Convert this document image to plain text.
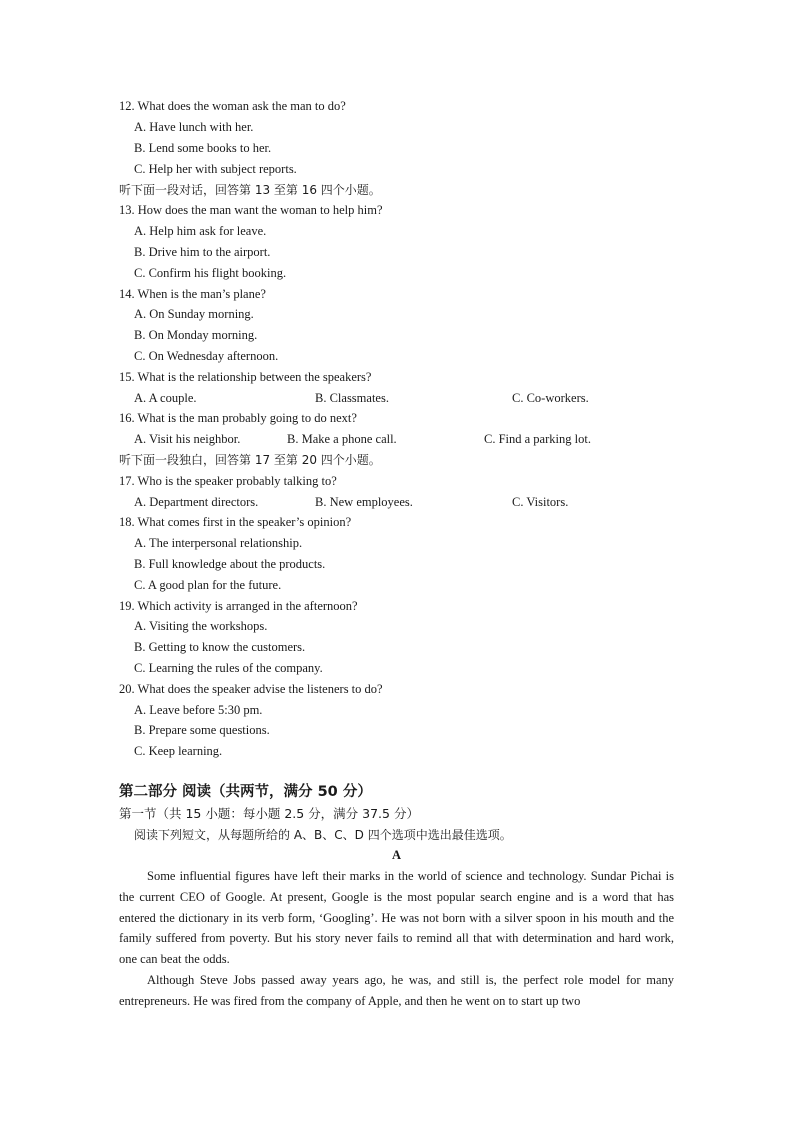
12. What does the woman ask the man to do?
A. Have lunch with her.
B. Lend some books to her.
C. Help her with subject reports.
听下面一段对话，回答第 13 至第 16 四个小题。
13. How does the man want the woman to help him?
A. Help him ask for leave.
B. Drive him to the airport.
C. Confirm his flight booking.
14. When is the man’s plane?
A. On Sunday morning.
B. On Monday morning.
C. On Wednesday afternoon.
15. What is the relationship between the speakers?
A. A couple.	B. Classmates.	C. Co-workers.
16. What is the man probably going to do next?
A. Visit his neighbor.	B. Make a phone call.	C. Find a parking lot.
听下面一段独白，回答第 17 至第 20 四个小题。
17. Who is the speaker probably talking to?
A. Department directors.	B. New employees.	C. Visitors.
18. What comes first in the speaker’s opinion?
A. The interpersonal relationship.
B. Full knowledge about the products.
C. A good plan for the future.
19. Which activity is arranged in the afternoon?
A. Visiting the workshops.
B. Getting to know the customers.
C. Learning the rules of the company.
20. What does the speaker advise the listeners to do?
A. Leave before 5:30 pm.
B. Prepare some questions.
C. Keep learning.
第二部分 阅读（共两节，满分 50 分）
第一节（共 15 小题：每小题 2.5 分，满分 37.5 分）
阅读下列短文，从每题所给的 A、B、C、D 四个选项中选出最佳选项。
A
Some influential figures have left their marks in the world of science and technology. Sundar Pichai is the current CEO of Google. At present, Google is the most popular search engine and is a word that has entered the dictionary in its verb form, ‘Googling’. He was not born with a silver spoon in his mouth and the family suffered from poverty. But his story never fails to remind all that with determination and hard work, one can beat the odds.
Although Steve Jobs passed away years ago, he was, and still is, the perfect role model for many entrepreneurs. He was fired from the company of Apple, and then he went on to start up two
